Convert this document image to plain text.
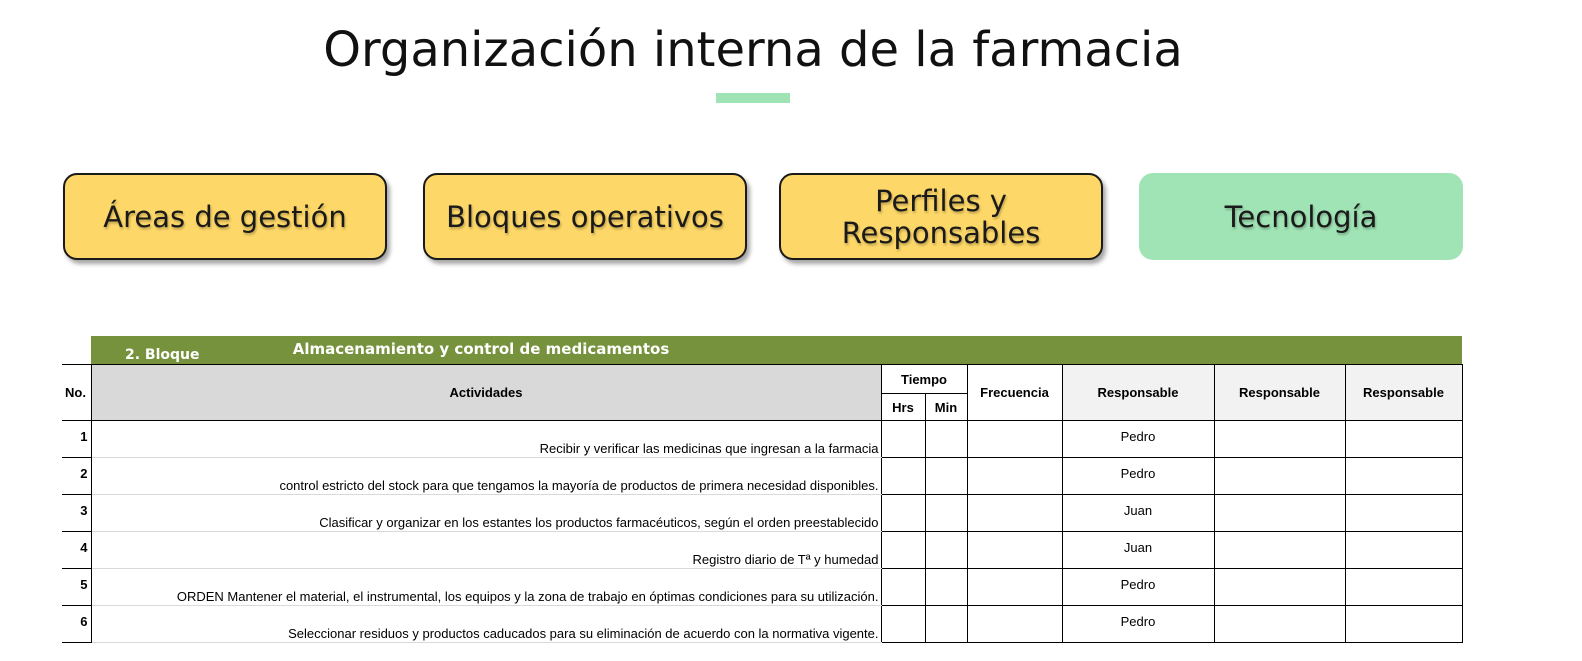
Organización interna de la farmacia
Áreas de gestión	Bloques operativos	Perfiles y Responsables	Tecnología

	2. Bloque Almacenamiento y control de medicamentos						

No.	Actividades	Tiempo		Frecuencia	Responsable	Responsable	Responsable
		Hrs	Min				
1	Recibir y verificar las medicinas que ingresan a la farmacia				Pedro		
2	control estricto del stock para que tengamos la mayoría de productos de primera necesidad disponibles.				Pedro		
3	Clasificar y organizar en los estantes los productos farmacéuticos, según el orden preestablecido				Juan		
4	Registro diario de Tª y humedad				Juan		
5	ORDEN Mantener el material, el instrumental, los equipos y la zona de trabajo en óptimas condiciones para su utilización.				Pedro		
6	Seleccionar residuos y productos caducados para su eliminación de acuerdo con la normativa vigente.				Pedro		
